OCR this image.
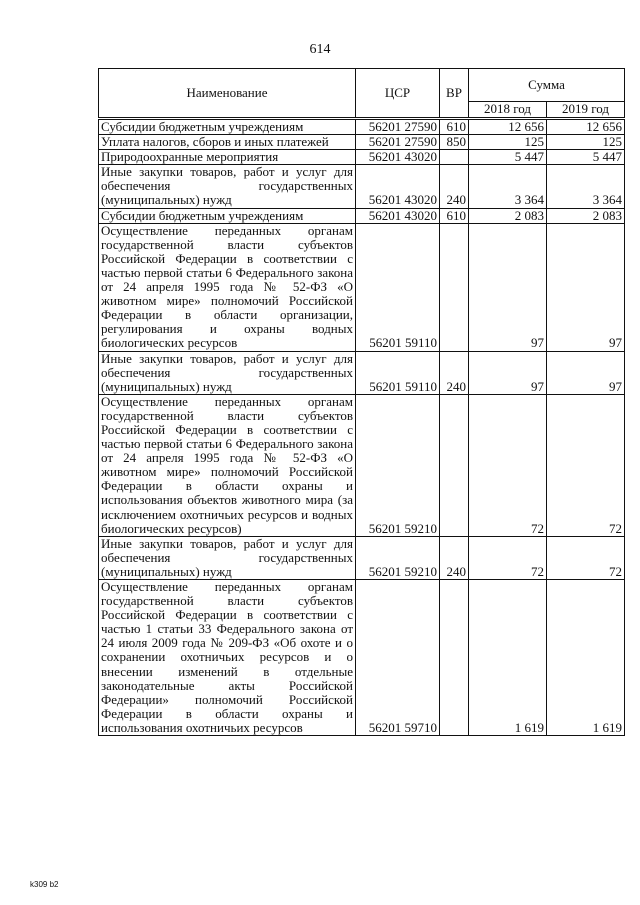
614
Наименование	ЦСР	ВР	Сумма	
			2018 год	2019 год
Субсидии бюджетным учреждениям	56201 27590	610	12 656	12 656
Уплата налогов, сборов и иных платежей	56201 27590	850	125	125
Природоохранные мероприятия	56201 43020		5 447	5 447
Иные закупки товаров, работ и услуг для обеспечения государственных (муниципальных) нужд	56201 43020	240	3 364	3 364
Субсидии бюджетным учреждениям	56201 43020	610	2 083	2 083
Осуществление переданных органам государственной власти субъектов Российской Федерации в соответствии с частью первой статьи 6 Федерального закона от 24 апреля 1995 года № 52-ФЗ «О животном мире» полномочий Российской Федерации в области организации, регулирования и охраны водных биологических ресурсов	56201 59110		97	97
Иные закупки товаров, работ и услуг для обеспечения государственных (муниципальных) нужд	56201 59110	240	97	97
Осуществление переданных органам государственной власти субъектов Российской Федерации в соответствии с частью первой статьи 6 Федерального закона от 24 апреля 1995 года № 52-ФЗ «О животном мире» полномочий Российской Федерации в области охраны и использования объектов животного мира (за исключением охотничьих ресурсов и водных биологических ресурсов)	56201 59210		72	72
Иные закупки товаров, работ и услуг для обеспечения государственных (муниципальных) нужд	56201 59210	240	72	72
Осуществление переданных органам государственной власти субъектов Российской Федерации в соответствии с частью 1 статьи 33 Федерального закона от 24 июля 2009 года № 209-ФЗ «Об охоте и о сохранении охотничьих ресурсов и о внесении изменений в отдельные законодательные акты Российской Федерации» полномочий Российской Федерации в области охраны и использования охотничьих ресурсов	56201 59710		1 619	1 619
k309 b2
